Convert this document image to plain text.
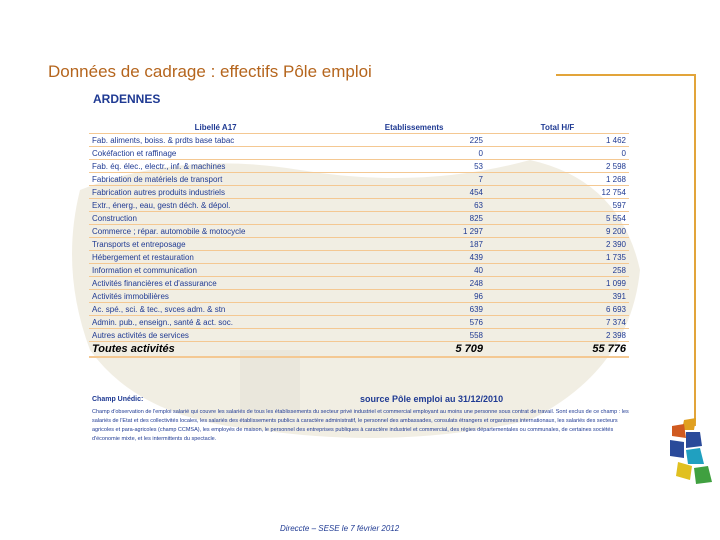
Données de cadrage : effectifs Pôle emploi
ARDENNES
Libellé A17	Etablissements	Total H/F
Fab. aliments, boiss. & prdts base tabac	225	1 462
Cokéfaction et raffinage	0	0
Fab. éq. élec., electr., inf. & machines	53	2 598
Fabrication de matériels de transport	7	1 268
Fabrication autres produits industriels	454	12 754
Extr., énerg., eau, gestn déch. & dépol.	63	597
Construction	825	5 554
Commerce ; répar. automobile & motocycle	1 297	9 200
Transports et entreposage	187	2 390
Hébergement et restauration	439	1 735
Information et communication	40	258
Activités financières et d'assurance	248	1 099
Activités immobilières	96	391
Ac. spé., sci. & tec., svces adm. & stn	639	6 693
Admin. pub., enseign., santé & act. soc.	576	7 374
Autres activités de services	558	2 398
Toutes activités	5 709	55 776
Champ Unédic:	source Pôle emploi au 31/12/2010
Champ d'observation de l'emploi salarié qui couvre les salariés de tous les établissements du secteur privé industriel et commercial employant au moins une personne sous contrat de travail. Sont exclus de ce champ : les salariés de l'Etat et des collectivités locales, les salariés des établissements publics à caractère administratif, le personnel des ambassades, consulats étrangers et organismes internationaux, les salariés des secteurs agricoles et para-agricoles (champ CCMSA), les employés de maison, le personnel des entreprises publiques à caractère industriel et commercial, des régies départementales ou communales, de certaines sociétés d'économie mixte, et les intermittents du spectacle.
Direccte – SESE le 7 février 2012
